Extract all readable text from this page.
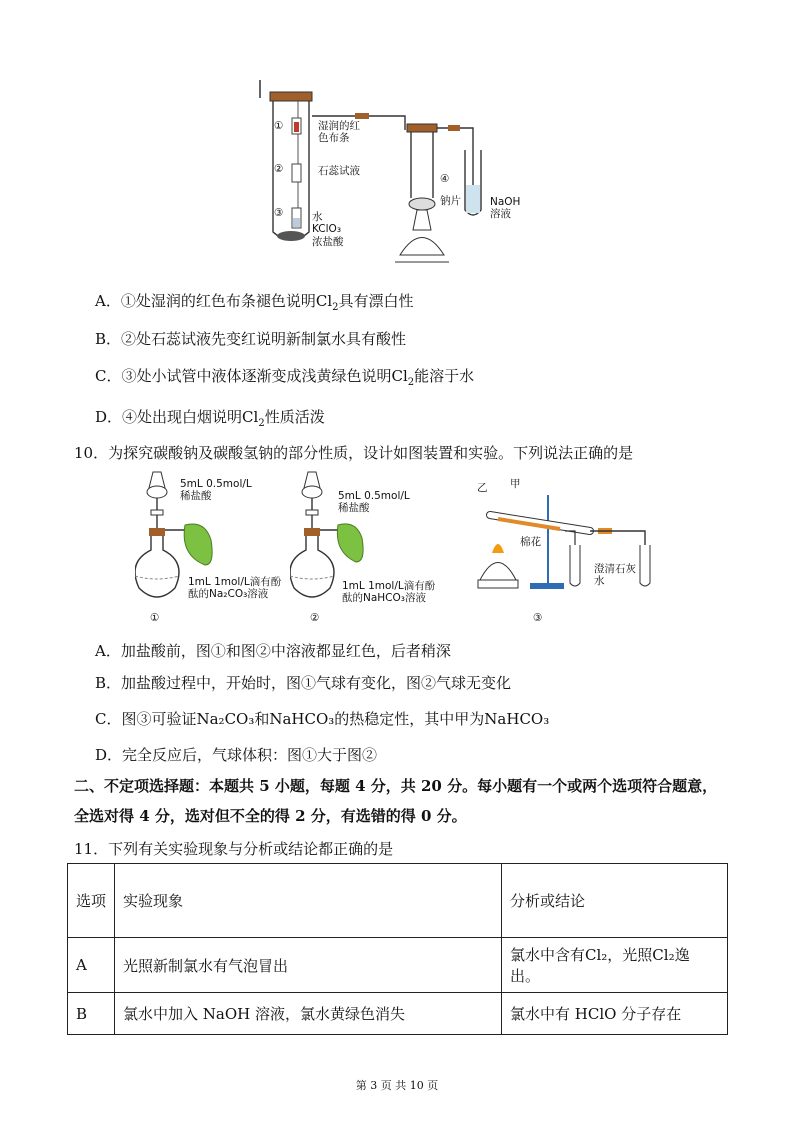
①
②
③
④
湿润的红色布条
石蕊试液
水
KClO₃
浓盐酸
钠片	NaOH溶液
A．①处湿润的红色布条褪色说明$Cl_2$具有漂白性
B．②处石蕊试液先变红说明新制氯水具有酸性
C．③处小试管中液体逐渐变成浅黄绿色说明$Cl_2$能溶于水
D．④处出现白烟说明$Cl_2$性质活泼
10．为探究碳酸钠及碳酸氢钠的部分性质，设计如图装置和实验。下列说法正确的是
5mL 0.5mol/L稀盐酸
1mL 1mol/L滴有酚酞的Na₂CO₃溶液
①
5mL 0.5mol/L稀盐酸
1mL 1mol/L滴有酚酞的NaHCO₃溶液
②
乙 甲
棉花
澄清石灰水
③
A．加盐酸前，图①和图②中溶液都显红色，后者稍深
B．加盐酸过程中，开始时，图①气球有变化，图②气球无变化
C．图③可验证Na₂CO₃和NaHCO₃的热稳定性，其中甲为NaHCO₃
D．完全反应后，气球体积：图①大于图②
二、不定项选择题：本题共 5 小题，每题 4 分，共 20 分。每小题有一个或两个选项符合题意，
全选对得 4 分，选对但不全的得 2 分，有选错的得 0 分。
11．下列有关实验现象与分析或结论都正确的是
选项	实验现象	分析或结论
A	光照新制氯水有气泡冒出	氯水中含有Cl₂，光照Cl₂逸出。
B	氯水中加入 NaOH 溶液，氯水黄绿色消失	氯水中有 HClO 分子存在
第 3 页 共 10 页
